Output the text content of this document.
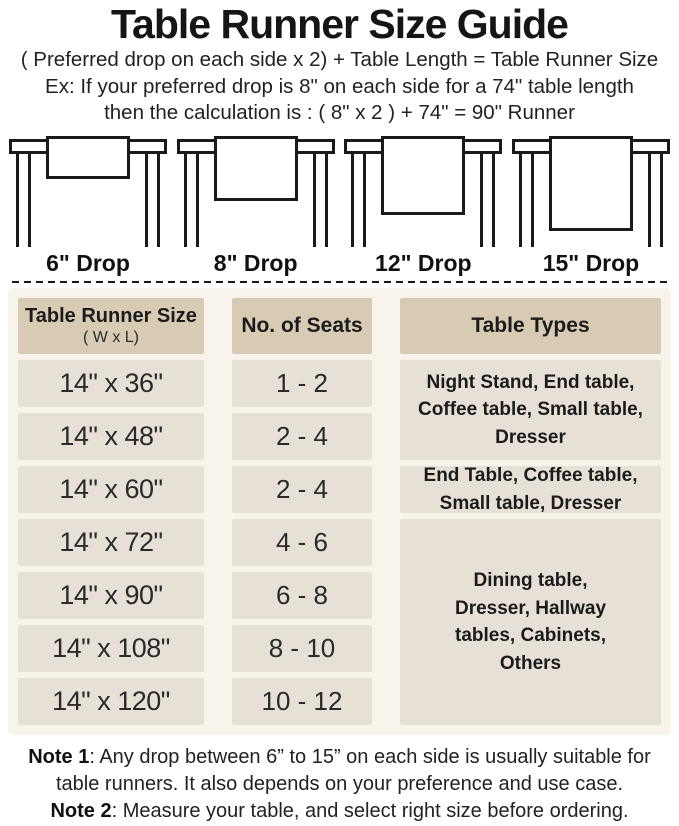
Table Runner Size Guide
( Preferred drop on each side x 2) + Table Length = Table Runner Size
Ex: If your preferred drop is 8" on each side for a 74" table length
then the calculation is : ( 8" x 2 ) + 74" = 90" Runner
6" Drop	8" Drop	12" Drop	15" Drop
Table Runner Size
( W x L)
No. of Seats	Table Types
14" x 36"	1 - 2	Night Stand, End table, Coffee table, Small table, Dresser
14" x 48"	2 - 4
14" x 60"	2 - 4	End Table, Coffee table, Small table, Dresser
14" x 72"	4 - 6
Dining table, Dresser, Hallway tables, Cabinets, Others
14" x 90"	6 - 8
14" x 108"	8 - 10
14" x 120"	10 - 12
Note 1: Any drop between 6” to 15” on each side is usually suitable for
table runners. It also depends on your preference and use case.
Note 2: Measure your table, and select right size before ordering.
